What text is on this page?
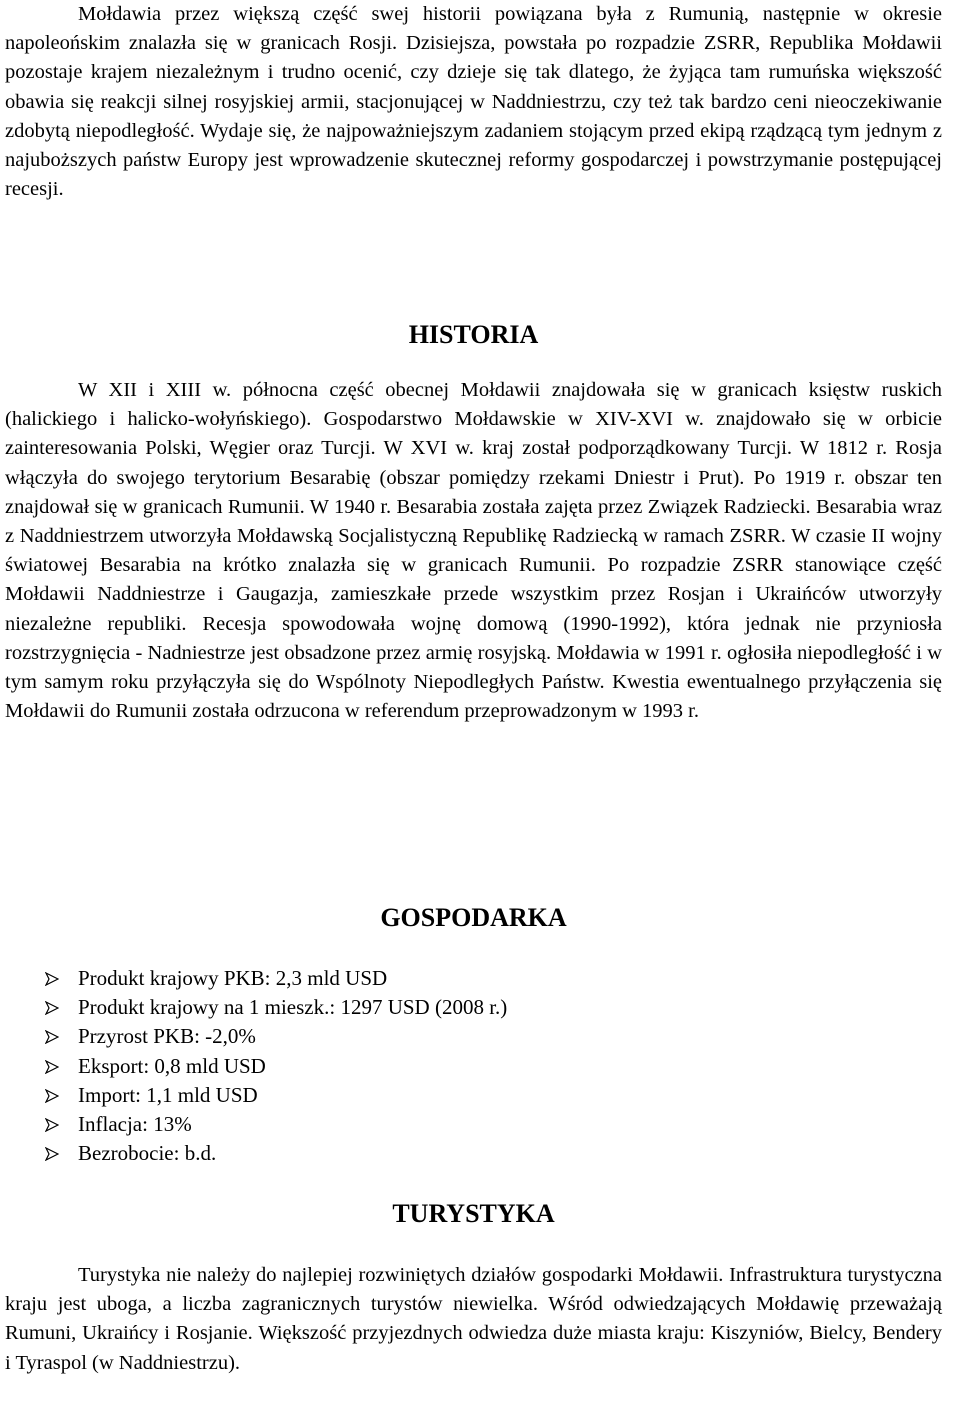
Mołdawia przez większą część swej historii powiązana była z Rumunią, następnie w okresie napoleońskim znalazła się w granicach Rosji. Dzisiejsza, powstała po rozpadzie ZSRR, Republika Mołdawii pozostaje krajem niezależnym i trudno ocenić, czy dzieje się tak dlatego, że żyjąca tam rumuńska większość obawia się reakcji silnej rosyjskiej armii, stacjonującej w Naddniestrzu, czy też tak bardzo ceni nieoczekiwanie zdobytą niepodległość. Wydaje się, że najpoważniejszym zadaniem stojącym przed ekipą rządzącą tym jednym z najuboższych państw Europy jest wprowadzenie skutecznej reformy gospodarczej i powstrzymanie postępującej recesji.

HISTORIA

W XII i XIII w. północna część obecnej Mołdawii znajdowała się w granicach księstw ruskich (halickiego i halicko-wołyńskiego). Gospodarstwo Mołdawskie w XIV-XVI w. znajdowało się w orbicie zainteresowania Polski, Węgier oraz Turcji. W XVI w. kraj został podporządkowany Turcji. W 1812 r. Rosja włączyła do swojego terytorium Besarabię (obszar pomiędzy rzekami Dniestr i Prut). Po 1919 r. obszar ten znajdował się w granicach Rumunii. W 1940 r. Besarabia została zajęta przez Związek Radziecki. Besarabia wraz z Naddniestrzem utworzyła Mołdawską Socjalistyczną Republikę Radziecką w ramach ZSRR. W czasie II wojny światowej Besarabia na krótko znalazła się w granicach Rumunii. Po rozpadzie ZSRR stanowiące część Mołdawii Naddniestrze i Gaugazja, zamieszkałe przede wszystkim przez Rosjan i Ukraińców utworzyły niezależne republiki. Recesja spowodowała wojnę domową (1990-1992), która jednak nie przyniosła rozstrzygnięcia - Nadniestrze jest obsadzone przez armię rosyjską. Mołdawia w 1991 r. ogłosiła niepodległość i w tym samym roku przyłączyła się do Wspólnoty Niepodległych Państw. Kwestia ewentualnego przyłączenia się Mołdawii do Rumunii została odrzucona w referendum przeprowadzonym w 1993 r.

GOSPODARKA
Produkt krajowy PKB: 2,3 mld USD
Produkt krajowy na 1 mieszk.: 1297 USD (2008 r.)
Przyrost PKB: -2,0%
Eksport: 0,8 mld USD
Import: 1,1 mld USD
Inflacja: 13%
Bezrobocie: b.d.
TURYSTYKA

Turystyka nie należy do najlepiej rozwiniętych działów gospodarki Mołdawii. Infrastruktura turystyczna kraju jest uboga, a liczba zagranicznych turystów niewielka. Wśród odwiedzających Mołdawię przeważają Rumuni, Ukraińcy i Rosjanie. Większość przyjezdnych odwiedza duże miasta kraju: Kiszyniów, Bielcy, Bendery i Tyraspol (w Naddniestrzu).
